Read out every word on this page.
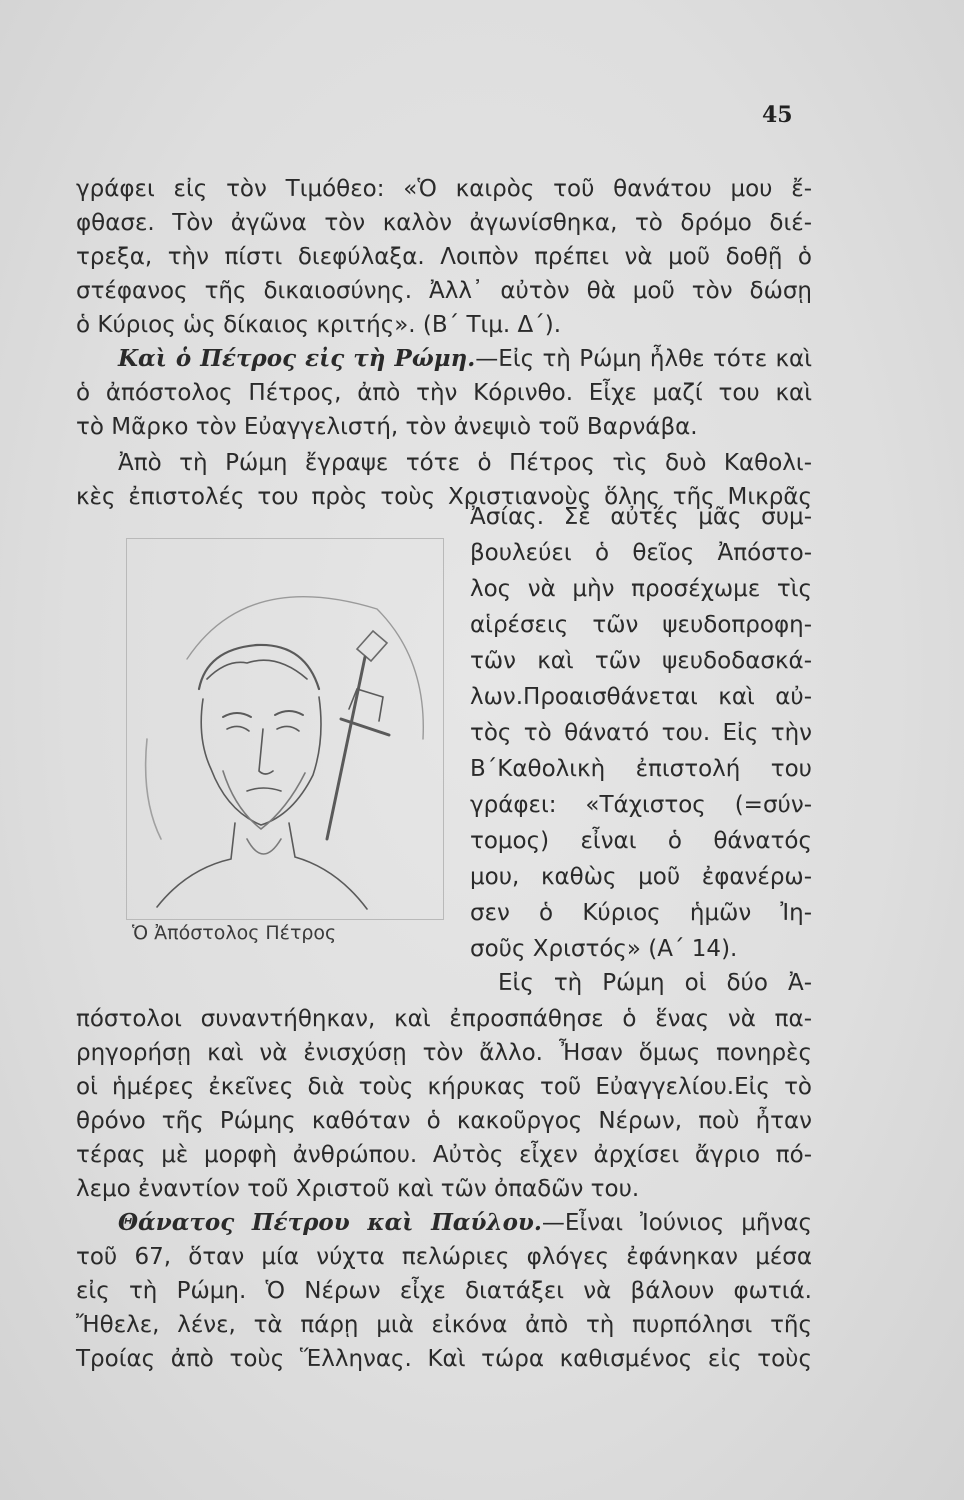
45
γράφει εἰς τὸν Τιμόθεο: «Ὁ καιρὸς τοῦ θανάτου μου ἔ-
φθασε. Τὸν ἀγῶνα τὸν καλὸν ἀγωνίσθηκα, τὸ δρόμο διέ-
τρεξα, τὴν πίστι διεφύλαξα. Λοιπὸν πρέπει νὰ μοῦ δοθῇ ὁ
στέφανος τῆς δικαιοσύνης. Ἀλλ᾿ αὐτὸν θὰ μοῦ τὸν δώσῃ
ὁ Κύριος ὡς δίκαιος κριτής». (Β΄ Τιμ. Δ΄).
Καὶ ὁ Πέτρος εἰς τὴ Ρώμη.—Εἰς τὴ Ρώμη ἦλθε τότε καὶ
ὁ ἀπόστολος Πέτρος, ἀπὸ τὴν Κόρινθο. Εἶχε μαζί του καὶ
τὸ Μᾶρκο τὸν Εὐαγγελιστή, τὸν ἀνεψιὸ τοῦ Βαρνάβα.
Ἀπὸ τὴ Ρώμη ἔγραψε τότε ὁ Πέτρος τὶς δυὸ Καθολι-
κὲς ἐπιστολές του πρὸς τοὺς Χριστιανοὺς ὅλης τῆς Μικρᾶς
Ὁ Ἀπόστολος Πέτρος
Ἀσίας. Σὲ αὐτές μᾶς συμ-
βουλεύει ὁ θεῖος Ἀπόστο-
λος νὰ μὴν προσέχωμε τὶς
αἱρέσεις τῶν ψευδοπροφη-
τῶν καὶ τῶν ψευδοδασκά-
λων.Προαισθάνεται καὶ αὐ-
τὸς τὸ θάνατό του. Εἰς τὴν
Β΄Καθολικὴ ἐπιστολή του
γράφει: «Τάχιστος (=σύν-
τομος) εἶναι ὁ θάνατός
μου, καθὼς μοῦ ἐφανέρω-
σεν ὁ Κύριος ἡμῶν Ἰη-
σοῦς Χριστός» (Α΄ 14).
Εἰς τὴ Ρώμη οἱ δύο Ἀ-
πόστολοι συναντήθηκαν, καὶ ἐπροσπάθησε ὁ ἕνας νὰ πα-
ρηγορήσῃ καὶ νὰ ἐνισχύσῃ τὸν ἄλλο. Ἦσαν ὅμως πονηρὲς
οἱ ἡμέρες ἐκεῖνες διὰ τοὺς κήρυκας τοῦ Εὐαγγελίου.Εἰς τὸ
θρόνο τῆς Ρώμης καθόταν ὁ κακοῦργος Νέρων, ποὺ ἦταν
τέρας μὲ μορφὴ ἀνθρώπου. Αὐτὸς εἶχεν ἀρχίσει ἄγριο πό-
λεμο ἐναντίον τοῦ Χριστοῦ καὶ τῶν ὀπαδῶν του.
Θάνατος Πέτρου καὶ Παύλου.—Εἶναι Ἰούνιος μῆνας
τοῦ 67, ὅταν μία νύχτα πελώριες φλόγες ἐφάνηκαν μέσα
εἰς τὴ Ρώμη. Ὁ Νέρων εἶχε διατάξει νὰ βάλουν φωτιά.
Ἤθελε, λένε, τὰ πάρῃ μιὰ εἰκόνα ἀπὸ τὴ πυρπόλησι τῆς
Τροίας ἀπὸ τοὺς Ἕλληνας. Καὶ τώρα καθισμένος εἰς τοὺς
